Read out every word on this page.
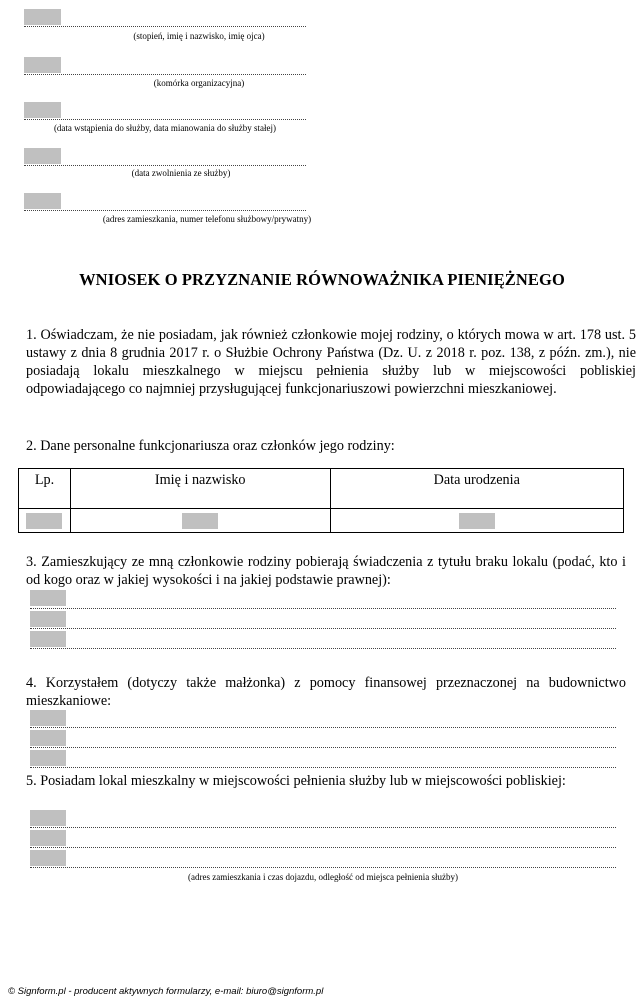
(stopień, imię i nazwisko, imię ojca)
(komórka organizacyjna)
(data wstąpienia do służby, data mianowania do służby stałej)
(data zwolnienia ze służby)
(adres zamieszkania, numer telefonu służbowy/prywatny)
WNIOSEK O PRZYZNANIE RÓWNOWAŻNIKA PIENIĘŻNEGO
1. Oświadczam, że nie posiadam, jak również członkowie mojej rodziny, o których mowa w art. 178 ust. 5 ustawy z dnia 8 grudnia 2017 r. o Służbie Ochrony Państwa (Dz. U. z 2018 r. poz. 138, z późn. zm.), nie posiadają lokalu mieszkalnego w miejscu pełnienia służby lub w miejscowości pobliskiej odpowiadającego co najmniej przysługującej funkcjonariuszowi powierzchni mieszkaniowej.
2. Dane personalne funkcjonariusza oraz członków jego rodziny:
Lp.	Imię i nazwisko	Data urodzenia

3. Zamieszkujący ze mną członkowie rodziny pobierają świadczenia z tytułu braku lokalu (podać, kto i od kogo oraz w jakiej wysokości i na jakiej podstawie prawnej):
4. Korzystałem (dotyczy także małżonka) z pomocy finansowej przeznaczonej na budownictwo mieszkaniowe:
5. Posiadam lokal mieszkalny w miejscowości pełnienia służby lub w miejscowości pobliskiej:
(adres zamieszkania i czas dojazdu, odległość od miejsca pełnienia służby)
© Signform.pl - producent aktywnych formularzy, e-mail: biuro@signform.pl
